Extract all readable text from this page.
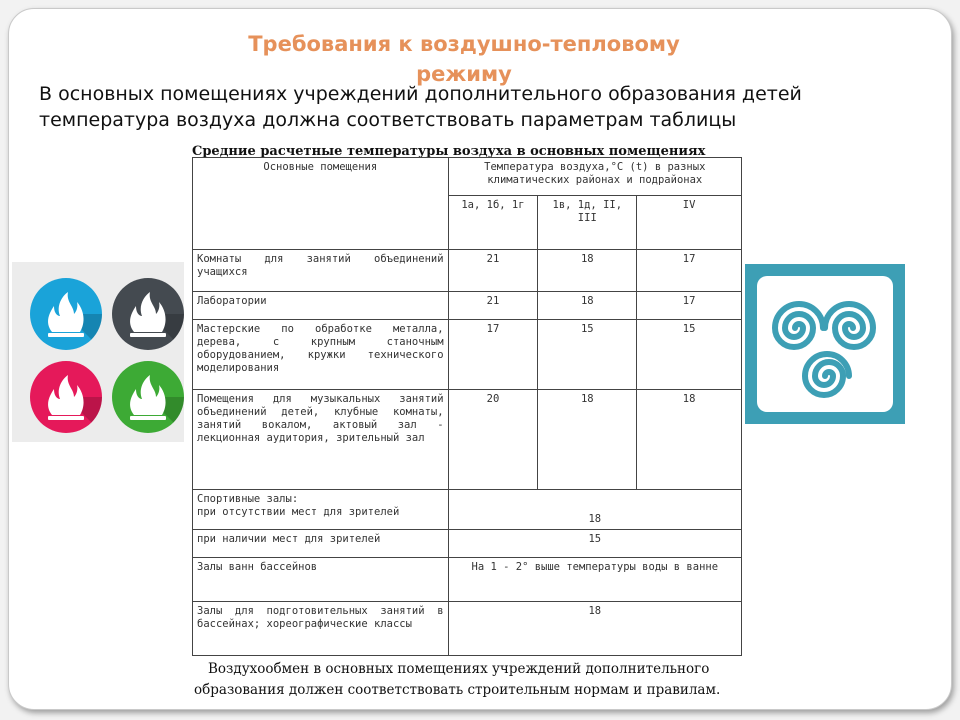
Требования к воздушно-тепловому
режиму
В основных помещениях учреждений дополнительного образования детей
температура воздуха должна соответствовать параметрам таблицы
Средние расчетные температуры воздуха в основных помещениях
Основные помещения	Температура воздуха,°C (t) в разных
климатических районах и подрайонах		

	1а, 1б, 1г	1в, 1д, II, III	IV
Комнаты для занятий объединений учащихся	21	18	17
Лаборатории	21	18	17
Мастерские по обработке металла, дерева, с крупным станочным оборудованием, кружки технического моделирования	17	15	15
Помещения для музыкальных занятий объединений детей, клубные комнаты, занятий вокалом, актовый зал - лекционная аудитория, зрительный зал	20	18	18

Спортивные залы:
при отсутствии мест для зрителей	18		
при наличии мест для зрителей	15		
Залы ванн бассейнов	На 1 - 2° выше температуры воды в ванне		
Залы для подготовительных занятий в бассейнах; хореографические классы	18		
Воздухообмен в основных помещениях учреждений дополнительного
образования должен соответствовать строительным нормам и правилам.
